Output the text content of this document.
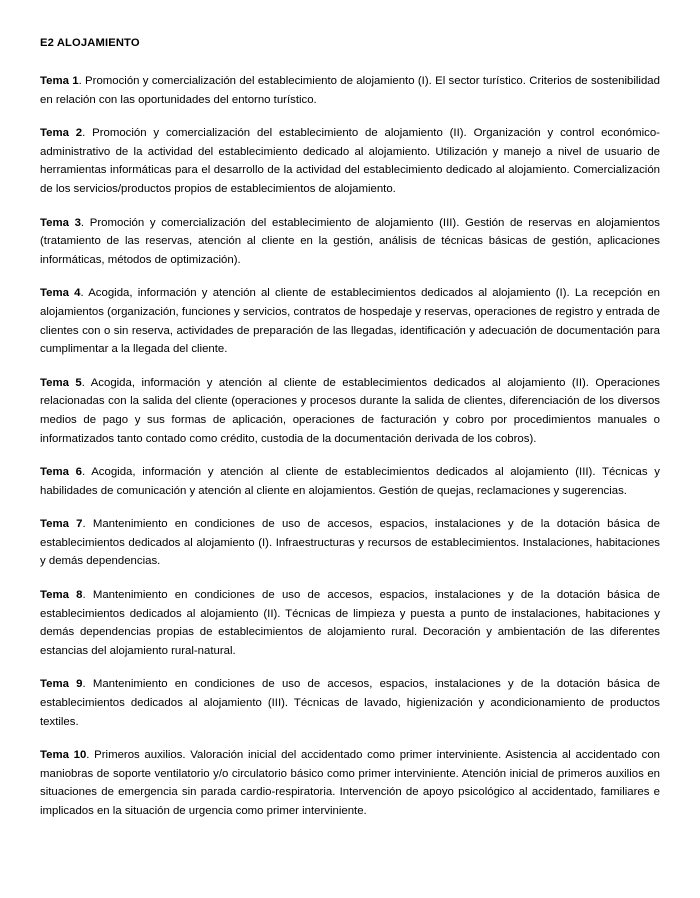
E2 ALOJAMIENTO

Tema 1. Promoción y comercialización del establecimiento de alojamiento (I). El sector turístico. Criterios de sostenibilidad en relación con las oportunidades del entorno turístico.

Tema 2. Promoción y comercialización del establecimiento de alojamiento (II). Organización y control económico- administrativo de la actividad del establecimiento dedicado al alojamiento. Utilización y manejo a nivel de usuario de herramientas informáticas para el desarrollo de la actividad del establecimiento dedicado al alojamiento. Comercialización de los servicios/productos propios de establecimientos de alojamiento.

Tema 3. Promoción y comercialización del establecimiento de alojamiento (III). Gestión de reservas en alojamientos (tratamiento de las reservas, atención al cliente en la gestión, análisis de técnicas básicas de gestión, aplicaciones informáticas, métodos de optimización).

Tema 4. Acogida, información y atención al cliente de establecimientos dedicados al alojamiento (I). La recepción en alojamientos (organización, funciones y servicios, contratos de hospedaje y reservas, operaciones de registro y entrada de clientes con o sin reserva, actividades de preparación de las llegadas, identificación y adecuación de documentación para cumplimentar a la llegada del cliente.

Tema 5. Acogida, información y atención al cliente de establecimientos dedicados al alojamiento (II). Operaciones relacionadas con la salida del cliente (operaciones y procesos durante la salida de clientes, diferenciación de los diversos medios de pago y sus formas de aplicación, operaciones de facturación y cobro por procedimientos manuales o informatizados tanto contado como crédito, custodia de la documentación derivada de los cobros).

Tema 6. Acogida, información y atención al cliente de establecimientos dedicados al alojamiento (III). Técnicas y habilidades de comunicación y atención al cliente en alojamientos. Gestión de quejas, reclamaciones y sugerencias.

Tema 7. Mantenimiento en condiciones de uso de accesos, espacios, instalaciones y de la dotación básica de establecimientos dedicados al alojamiento (I). Infraestructuras y recursos de establecimientos. Instalaciones, habitaciones y demás dependencias.

Tema 8. Mantenimiento en condiciones de uso de accesos, espacios, instalaciones y de la dotación básica de establecimientos dedicados al alojamiento (II). Técnicas de limpieza y puesta a punto de instalaciones, habitaciones y demás dependencias propias de establecimientos de alojamiento rural. Decoración y ambientación de las diferentes estancias del alojamiento rural-natural.

Tema 9. Mantenimiento en condiciones de uso de accesos, espacios, instalaciones y de la dotación básica de establecimientos dedicados al alojamiento (III). Técnicas de lavado, higienización y acondicionamiento de productos textiles.

Tema 10. Primeros auxilios. Valoración inicial del accidentado como primer interviniente. Asistencia al accidentado con maniobras de soporte ventilatorio y/o circulatorio básico como primer interviniente. Atención inicial de primeros auxilios en situaciones de emergencia sin parada cardio-respiratoria. Intervención de apoyo psicológico al accidentado, familiares e implicados en la situación de urgencia como primer interviniente.
